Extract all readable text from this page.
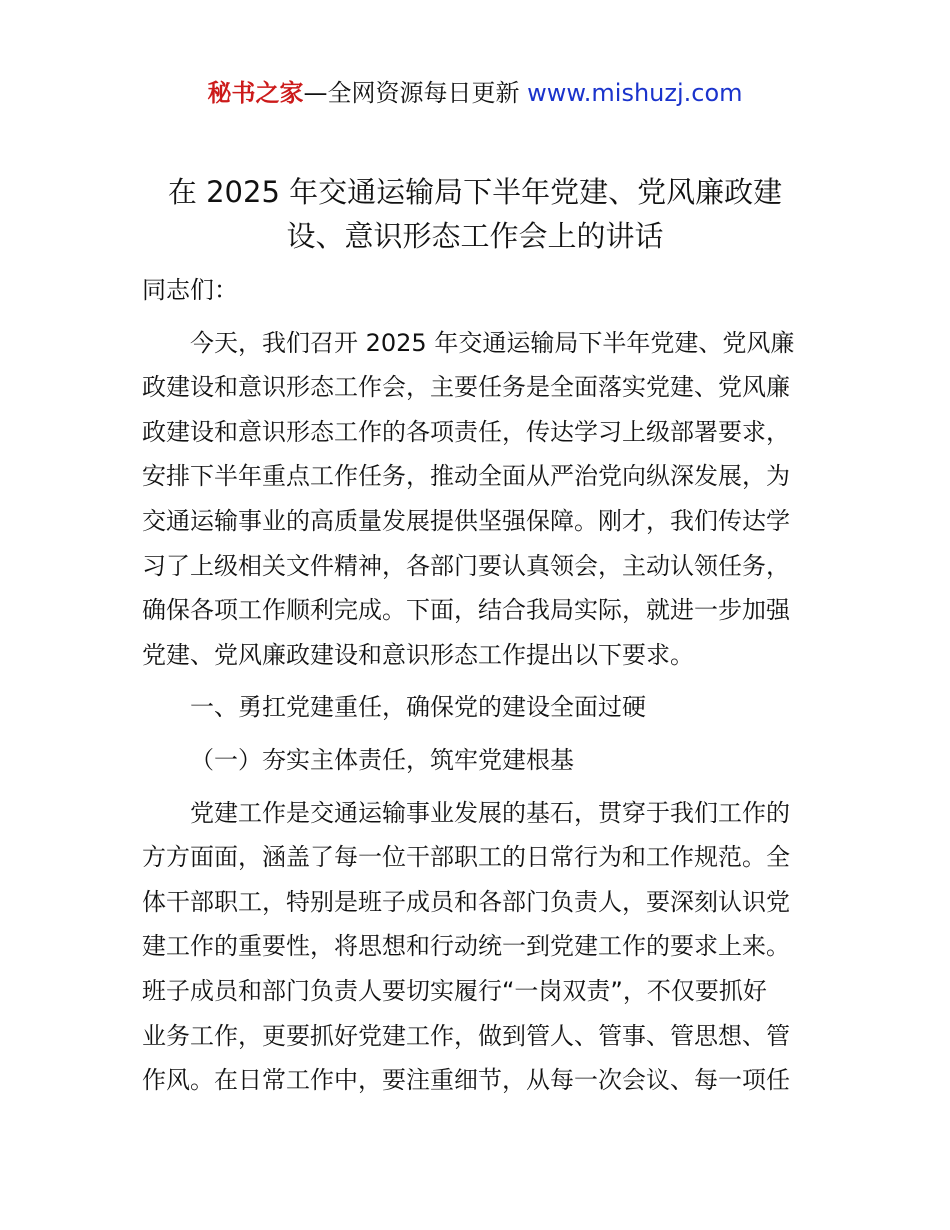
秘书之家—全网资源每日更新 www.mishuzj.com
在 2025 年交通运输局下半年党建、党风廉政建
设、意识形态工作会上的讲话
同志们：
今天，我们召开 2025 年交通运输局下半年党建、党风廉
政建设和意识形态工作会，主要任务是全面落实党建、党风廉
政建设和意识形态工作的各项责任，传达学习上级部署要求，
安排下半年重点工作任务，推动全面从严治党向纵深发展，为
交通运输事业的高质量发展提供坚强保障。刚才，我们传达学
习了上级相关文件精神，各部门要认真领会，主动认领任务，
确保各项工作顺利完成。下面，结合我局实际，就进一步加强
党建、党风廉政建设和意识形态工作提出以下要求。
一、勇扛党建重任，确保党的建设全面过硬
（一）夯实主体责任，筑牢党建根基
党建工作是交通运输事业发展的基石，贯穿于我们工作的
方方面面，涵盖了每一位干部职工的日常行为和工作规范。全
体干部职工，特别是班子成员和各部门负责人，要深刻认识党
建工作的重要性，将思想和行动统一到党建工作的要求上来。
班子成员和部门负责人要切实履行“一岗双责”，不仅要抓好
业务工作，更要抓好党建工作，做到管人、管事、管思想、管
作风。在日常工作中，要注重细节，从每一次会议、每一项任
